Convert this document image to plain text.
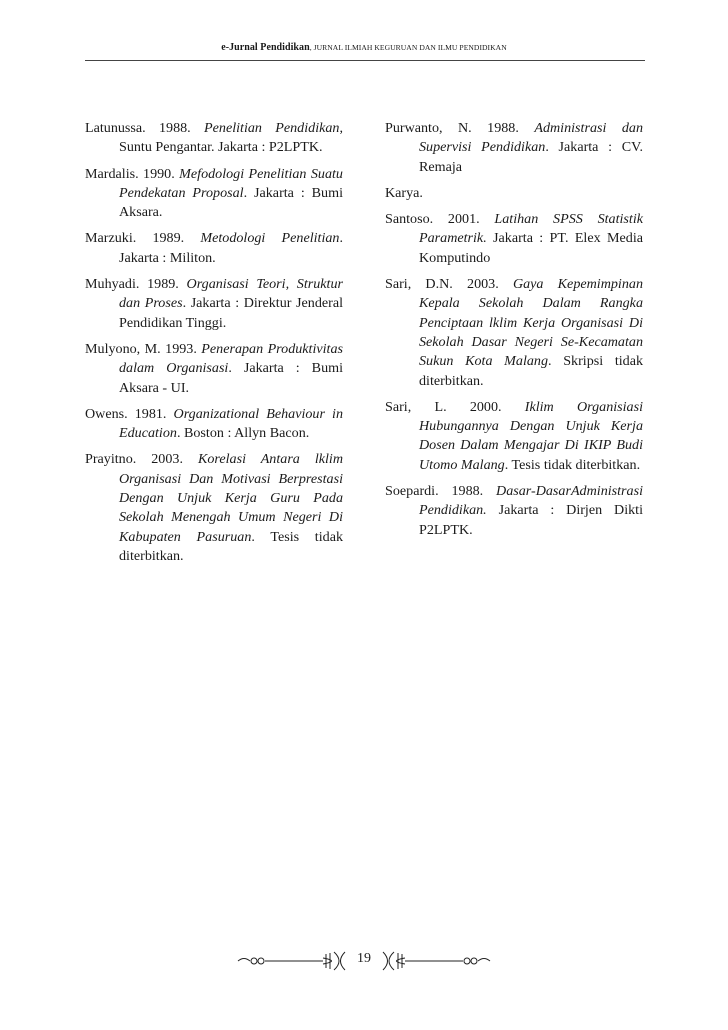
e-Jurnal Pendidikan, JURNAL ILMIAH KEGURUAN DAN ILMU PENDIDIKAN

Latunussa. 1988. Penelitian Pendidikan, Suntu Pengantar. Jakarta : P2LPTK.

Mardalis. 1990. Mefodologi Penelitian Suatu Pendekatan Proposal. Jakarta : Bumi Aksara.

Marzuki. 1989. Metodologi Penelitian. Jakarta : Militon.

Muhyadi. 1989. Organisasi Teori, Struktur dan Proses. Jakarta : Direktur Jenderal Pendidikan Tinggi.

Mulyono, M. 1993. Penerapan Produktivitas dalam Organisasi. Jakarta : Bumi Aksara - UI.

Owens. 1981. Organizational Behaviour in Education. Boston : Allyn Bacon.

Prayitno. 2003. Korelasi Antara lklim Organisasi Dan Motivasi Berprestasi Dengan Unjuk Kerja Guru Pada Sekolah Menengah Umum Negeri Di Kabupaten Pasuruan. Tesis tidak diterbitkan.

Purwanto, N. 1988. Administrasi dan Supervisi Pendidikan. Jakarta : CV. Remaja

Karya.

Santoso. 2001. Latihan SPSS Statistik Parametrik. Jakarta : PT. Elex Media Komputindo

Sari, D.N. 2003. Gaya Kepemimpinan Kepala Sekolah Dalam Rangka Penciptaan lklim Kerja Organisasi Di Sekolah Dasar Negeri Se-Kecamatan Sukun Kota Malang. Skripsi tidak diterbitkan.

Sari, L. 2000. Iklim Organisiasi Hubungannya Dengan Unjuk Kerja Dosen Dalam Mengajar Di IKIP Budi Utomo Malang. Tesis tidak diterbitkan.

Soepardi. 1988. Dasar-DasarAdministrasi Pendidikan. Jakarta : Dirjen Dikti P2LPTK.

19
